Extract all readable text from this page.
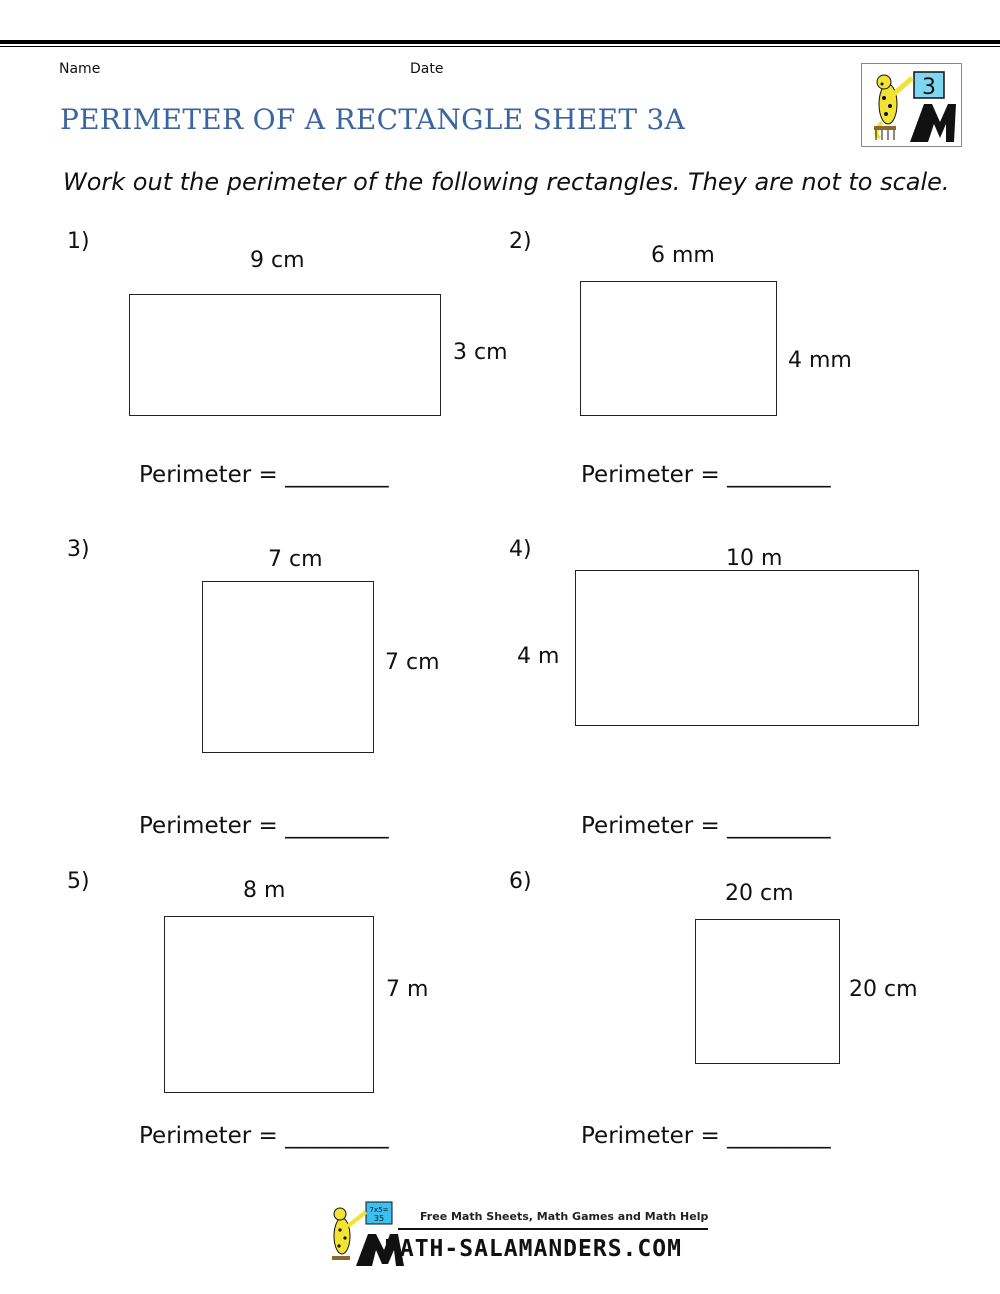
Name	Date
PERIMETER OF A RECTANGLE SHEET 3A
3
Work out the perimeter of the following rectangles. They are not to scale.
1)
9 cm
3 cm
Perimeter = _________
2)
6 mm
4 mm
Perimeter = _________
3)	7 cm
7 cm
Perimeter = _________
4)	10 m
4 m
Perimeter = _________
5)	8 m
7 m
Perimeter = _________
6)	20 cm
20 cm
Perimeter = _________
7x5=
35	Free Math Sheets, Math Games and Math Help
MATH-SALAMANDERS.COM
